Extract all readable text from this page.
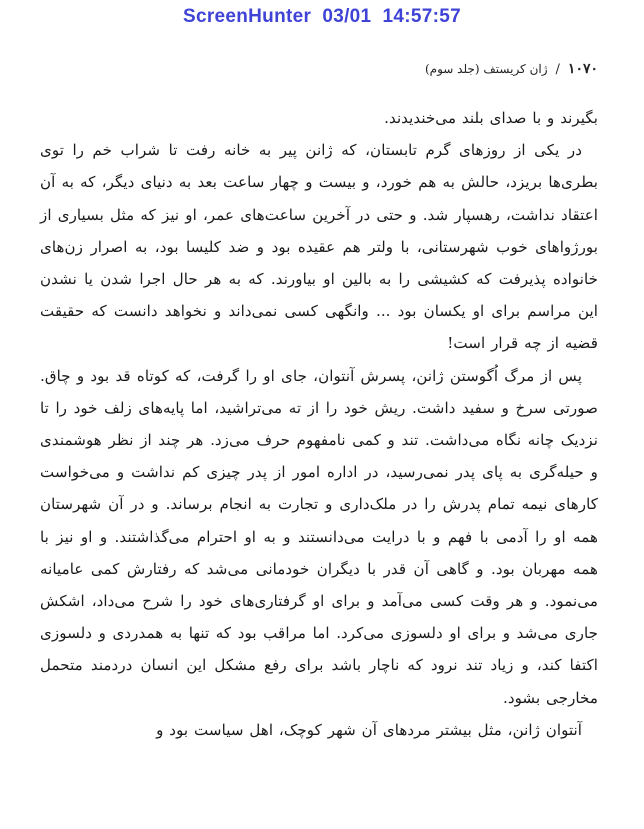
ScreenHunter  03/01  14:57:57
۱۰۷۰
/
ژان کریستف (جلد سوم)

بگیرند و با صدای بلند می‌خندیدند.

در یکی از روزهای گرم تابستان، که ژانن پیر به خانه رفت تا شراب خم را توی بطری‌ها بریزد، حالش به هم خورد، و بیست و چهار ساعت بعد به دنیای دیگر، که به آن اعتقاد نداشت، رهسپار شد. و حتی در آخرین ساعت‌های عمر، او نیز که مثل بسیاری از بورژواهای خوب شهرستانی، با ولتر هم عقیده بود و ضد کلیسا بود، به اصرار زن‌های خانواده پذیرفت که کشیشی را به بالین او بیاورند. که به هر حال اجرا شدن یا نشدن این مراسم برای او یکسان بود ... وانگهی کسی نمی‌داند و نخواهد دانست که حقیقت قضیه از چه قرار است!

پس از مرگ اُگوستن ژانن، پسرش آنتوان، جای او را گرفت، که کوتاه قد بود و چاق. صورتی سرخ و سفید داشت. ریش خود را از ته می‌تراشید، اما پایه‌های زلف خود را تا نزدیک چانه نگاه می‌داشت. تند و کمی نامفهوم حرف می‌زد. هر چند از نظر هوشمندی و حیله‌گری به پای پدر نمی‌رسید، در اداره امور از پدر چیزی کم نداشت و می‌خواست کارهای نیمه تمام پدرش را در ملک‌داری و تجارت به انجام برساند. و در آن شهرستان همه او را آدمی با فهم و با درایت می‌دانستند و به او احترام می‌گذاشتند. و او نیز با همه مهربان بود. و گاهی آن قدر با دیگران خودمانی می‌شد که رفتارش کمی عامیانه می‌نمود. و هر وقت کسی می‌آمد و برای او گرفتاری‌های خود را شرح می‌داد، اشکش جاری می‌شد و برای او دلسوزی می‌کرد. اما مراقب بود که تنها به همدردی و دلسوزی اکتفا کند، و زیاد تند نرود که ناچار باشد برای رفع مشکل این انسان دردمند متحمل مخارجی بشود.

آنتوان ژانن، مثل بیشتر مردهای آن شهر کوچک، اهل سیاست بود و
